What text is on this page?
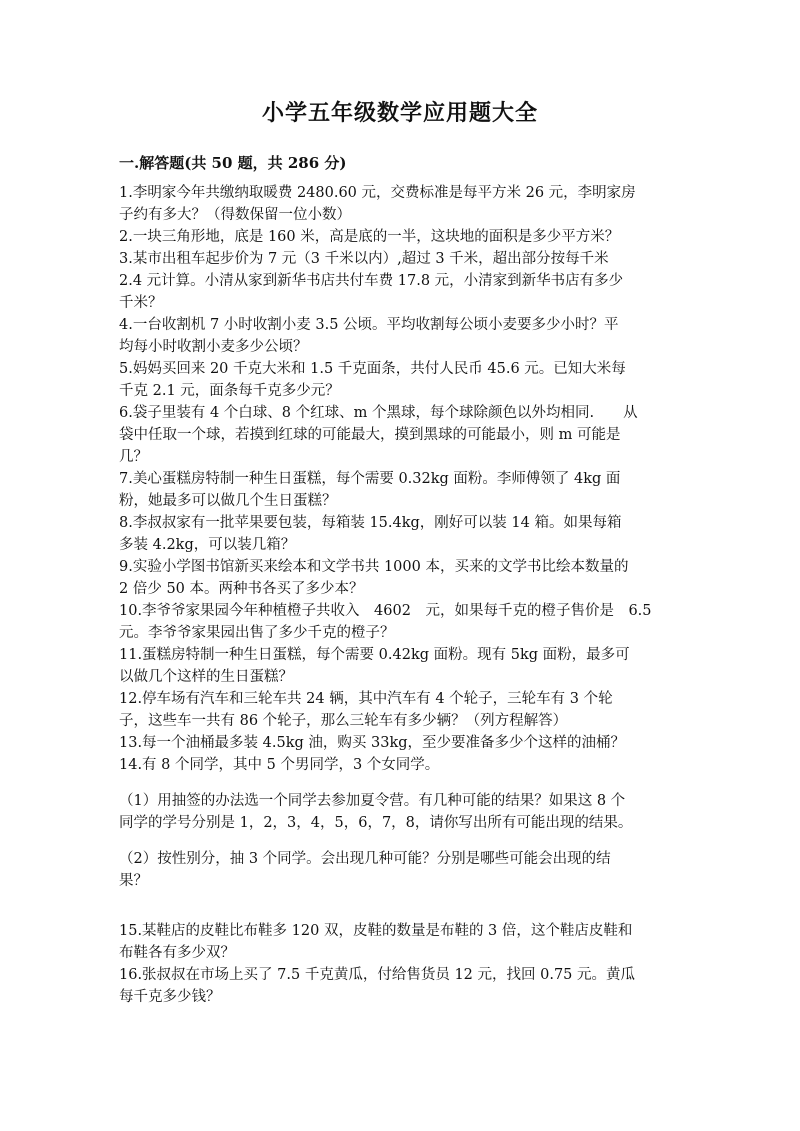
小学五年级数学应用题大全
一.解答题(共 50 题，共 286 分)
1.李明家今年共缴纳取暖费 2480.60 元，交费标准是每平方米 26 元，李明家房
子约有多大？（得数保留一位小数）
2.一块三角形地，底是 160 米，高是底的一半，这块地的面积是多少平方米？
3.某市出租车起步价为 7 元（3 千米以内）,超过 3 千米，超出部分按每千米
2.4 元计算。小清从家到新华书店共付车费 17.8 元，小清家到新华书店有多少
千米？
4.一台收割机 7 小时收割小麦 3.5 公顷。平均收割每公顷小麦要多少小时？平
均每小时收割小麦多少公顷？
5.妈妈买回来 20 千克大米和 1.5 千克面条，共付人民币 45.6 元。已知大米每
千克 2.1 元，面条每千克多少元？
6.袋子里装有 4 个白球、8 个红球、m 个黑球，每个球除颜色以外均相同.　　从
袋中任取一个球，若摸到红球的可能最大，摸到黑球的可能最小，则 m 可能是
几？
7.美心蛋糕房特制一种生日蛋糕，每个需要 0.32kg 面粉。李师傅领了 4kg 面
粉，她最多可以做几个生日蛋糕？
8.李叔叔家有一批苹果要包装，每箱装 15.4kg，刚好可以装 14 箱。如果每箱
多装 4.2kg，可以装几箱？
9.实验小学图书馆新买来绘本和文学书共 1000 本，买来的文学书比绘本数量的
2 倍少 50 本。两种书各买了多少本？
10.李爷爷家果园今年种植橙子共收入　4602　元，如果每千克的橙子售价是　6.5
元。李爷爷家果园出售了多少千克的橙子？
11.蛋糕房特制一种生日蛋糕，每个需要 0.42kg 面粉。现有 5kg 面粉，最多可
以做几个这样的生日蛋糕？
12.停车场有汽车和三轮车共 24 辆，其中汽车有 4 个轮子，三轮车有 3 个轮
子，这些车一共有 86 个轮子，那么三轮车有多少辆？（列方程解答）
13.每一个油桶最多装 4.5kg 油，购买 33kg，至少要准备多少个这样的油桶？
14.有 8 个同学，其中 5 个男同学，3 个女同学。
（1）用抽签的办法选一个同学去参加夏令营。有几种可能的结果？如果这 8 个
同学的学号分别是 1，2，3，4，5，6，7，8，请你写出所有可能出现的结果。
（2）按性别分，抽 3 个同学。会出现几种可能？分别是哪些可能会出现的结
果？
15.某鞋店的皮鞋比布鞋多 120 双，皮鞋的数量是布鞋的 3 倍，这个鞋店皮鞋和
布鞋各有多少双？
16.张叔叔在市场上买了 7.5 千克黄瓜，付给售货员 12 元，找回 0.75 元。黄瓜
每千克多少钱？
